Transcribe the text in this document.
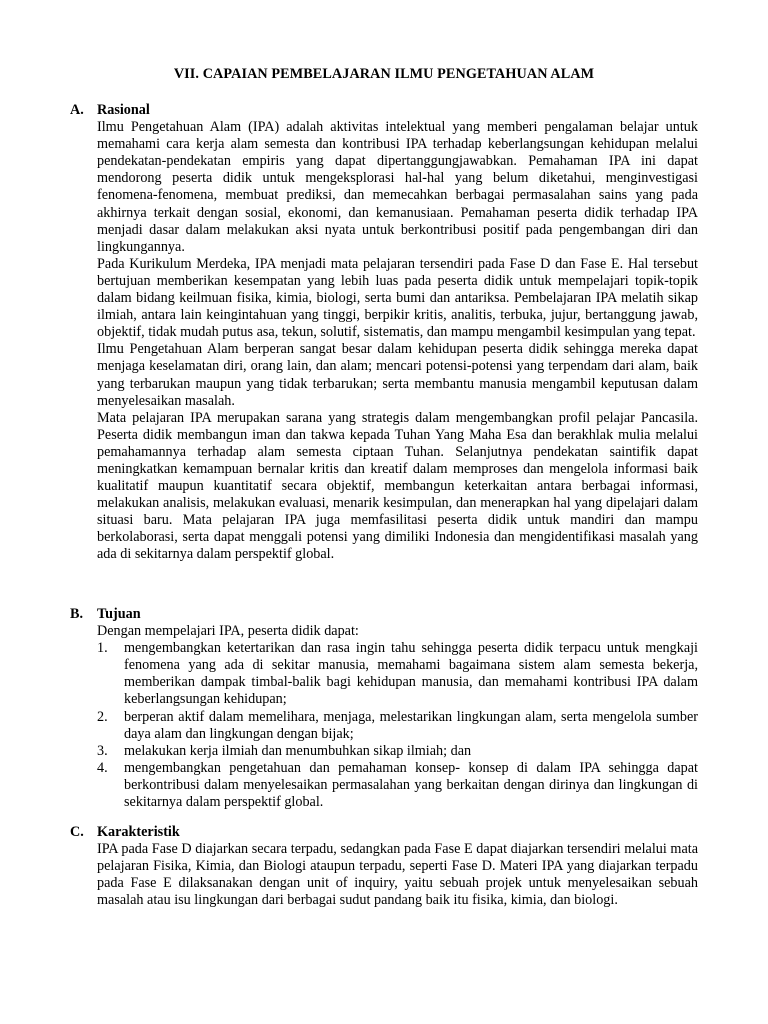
VII. CAPAIAN PEMBELAJARAN ILMU PENGETAHUAN ALAM
A. Rasional

Ilmu Pengetahuan Alam (IPA) adalah aktivitas intelektual yang memberi pengalaman belajar untuk memahami cara kerja alam semesta dan kontribusi IPA terhadap keberlangsungan kehidupan melalui pendekatan-pendekatan empiris yang dapat dipertanggungjawabkan. Pemahaman IPA ini dapat mendorong peserta didik untuk mengeksplorasi hal-hal yang belum diketahui, menginvestigasi fenomena-fenomena, membuat prediksi, dan memecahkan berbagai permasalahan sains yang pada akhirnya terkait dengan sosial, ekonomi, dan kemanusiaan. Pemahaman peserta didik terhadap IPA menjadi dasar dalam melakukan aksi nyata untuk berkontribusi positif pada pengembangan diri dan lingkungannya.

Pada Kurikulum Merdeka, IPA menjadi mata pelajaran tersendiri pada Fase D dan Fase E. Hal tersebut bertujuan memberikan kesempatan yang lebih luas pada peserta didik untuk mempelajari topik-topik dalam bidang keilmuan fisika, kimia, biologi, serta bumi dan antariksa. Pembelajaran IPA melatih sikap ilmiah, antara lain keingintahuan yang tinggi, berpikir kritis, analitis, terbuka, jujur, bertanggung jawab, objektif, tidak mudah putus asa, tekun, solutif, sistematis, dan mampu mengambil kesimpulan yang tepat.

Ilmu Pengetahuan Alam berperan sangat besar dalam kehidupan peserta didik sehingga mereka dapat menjaga keselamatan diri, orang lain, dan alam; mencari potensi-potensi yang terpendam dari alam, baik yang terbarukan maupun yang tidak terbarukan; serta membantu manusia mengambil keputusan dalam menyelesaikan masalah.

Mata pelajaran IPA merupakan sarana yang strategis dalam mengembangkan profil pelajar Pancasila. Peserta didik membangun iman dan takwa kepada Tuhan Yang Maha Esa dan berakhlak mulia melalui pemahamannya terhadap alam semesta ciptaan Tuhan. Selanjutnya pendekatan saintifik dapat meningkatkan kemampuan bernalar kritis dan kreatif dalam memproses dan mengelola informasi baik kualitatif maupun kuantitatif secara objektif, membangun keterkaitan antara berbagai informasi, melakukan analisis, melakukan evaluasi, menarik kesimpulan, dan menerapkan hal yang dipelajari dalam situasi baru. Mata pelajaran IPA juga memfasilitasi peserta didik untuk mandiri dan mampu berkolaborasi, serta dapat menggali potensi yang dimiliki Indonesia dan mengidentifikasi masalah yang ada di sekitarnya dalam perspektif global.

B. Tujuan

Dengan mempelajari IPA, peserta didik dapat:

1. mengembangkan ketertarikan dan rasa ingin tahu sehingga peserta didik terpacu untuk mengkaji fenomena yang ada di sekitar manusia, memahami bagaimana sistem alam semesta bekerja, memberikan dampak timbal-balik bagi kehidupan manusia, dan memahami kontribusi IPA dalam keberlangsungan kehidupan;
2. berperan aktif dalam memelihara, menjaga, melestarikan lingkungan alam, serta mengelola sumber daya alam dan lingkungan dengan bijak;
3. melakukan kerja ilmiah dan menumbuhkan sikap ilmiah; dan
4. mengembangkan pengetahuan dan pemahaman konsep- konsep di dalam IPA sehingga dapat berkontribusi dalam menyelesaikan permasalahan yang berkaitan dengan dirinya dan lingkungan di sekitarnya dalam perspektif global.
C. Karakteristik

IPA pada Fase D diajarkan secara terpadu, sedangkan pada Fase E dapat diajarkan tersendiri melalui mata pelajaran Fisika, Kimia, dan Biologi ataupun terpadu, seperti Fase D. Materi IPA yang diajarkan terpadu pada Fase E dilaksanakan dengan unit of inquiry, yaitu sebuah projek untuk menyelesaikan sebuah masalah atau isu lingkungan dari berbagai sudut pandang baik itu fisika, kimia, dan biologi.
